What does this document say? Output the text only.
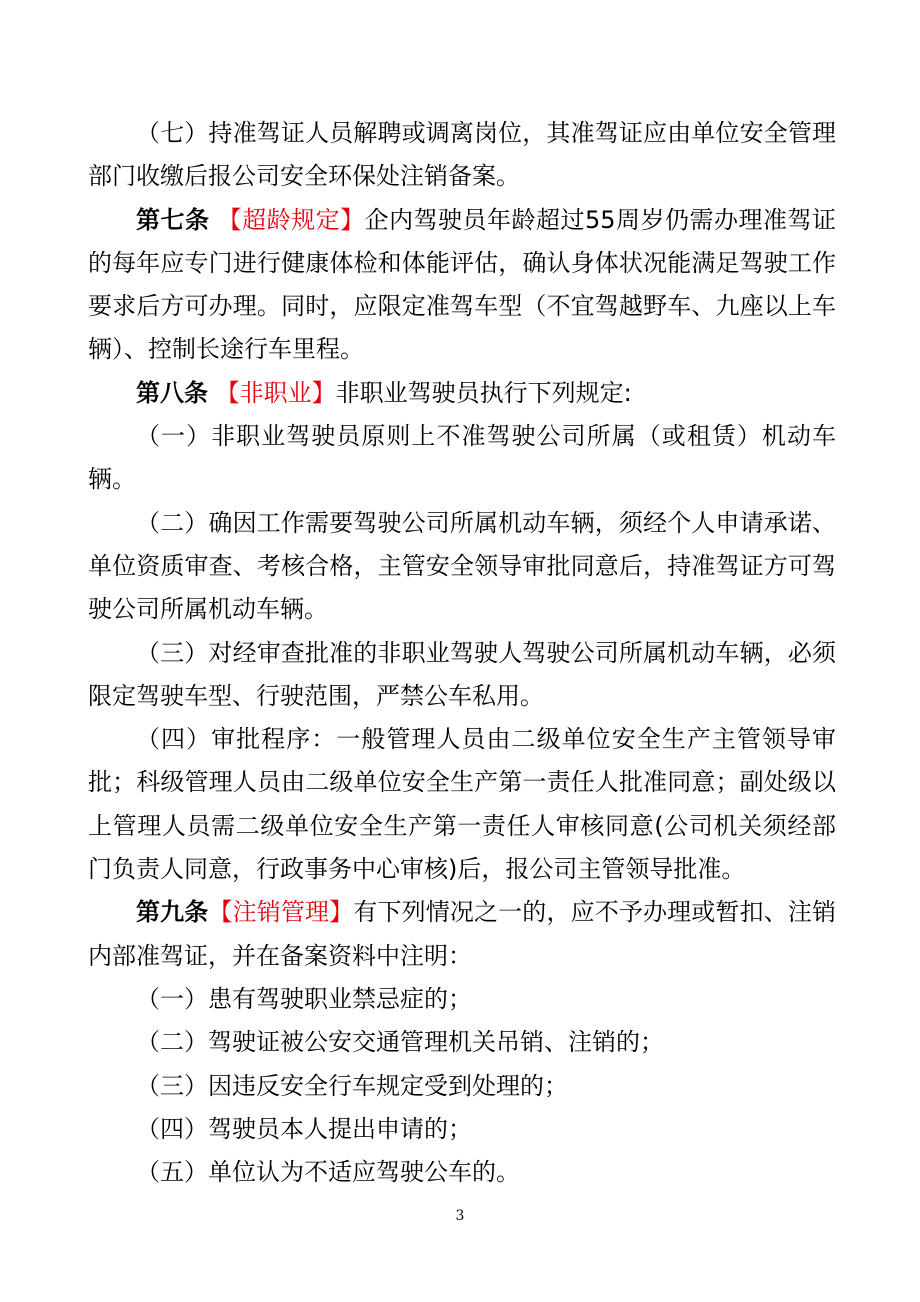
（七）持准驾证人员解聘或调离岗位，其准驾证应由单位安全管理部门收缴后报公司安全环保处注销备案。

第七条 【超龄规定】企内驾驶员年龄超过55周岁仍需办理准驾证的每年应专门进行健康体检和体能评估，确认身体状况能满足驾驶工作要求后方可办理。同时，应限定准驾车型（不宜驾越野车、九座以上车辆）、控制长途行车里程。

第八条 【非职业】非职业驾驶员执行下列规定:

（一）非职业驾驶员原则上不准驾驶公司所属（或租赁）机动车辆。

（二）确因工作需要驾驶公司所属机动车辆，须经个人申请承诺、单位资质审查、考核合格，主管安全领导审批同意后，持准驾证方可驾驶公司所属机动车辆。

（三）对经审查批准的非职业驾驶人驾驶公司所属机动车辆，必须限定驾驶车型、行驶范围，严禁公车私用。

（四）审批程序：一般管理人员由二级单位安全生产主管领导审批；科级管理人员由二级单位安全生产第一责任人批准同意；副处级以上管理人员需二级单位安全生产第一责任人审核同意(公司机关须经部门负责人同意，行政事务中心审核)后，报公司主管领导批准。

第九条【注销管理】有下列情况之一的，应不予办理或暂扣、注销内部准驾证，并在备案资料中注明：

（一）患有驾驶职业禁忌症的；

（二）驾驶证被公安交通管理机关吊销、注销的；

（三）因违反安全行车规定受到处理的；

（四）驾驶员本人提出申请的；

（五）单位认为不适应驾驶公车的。

3
